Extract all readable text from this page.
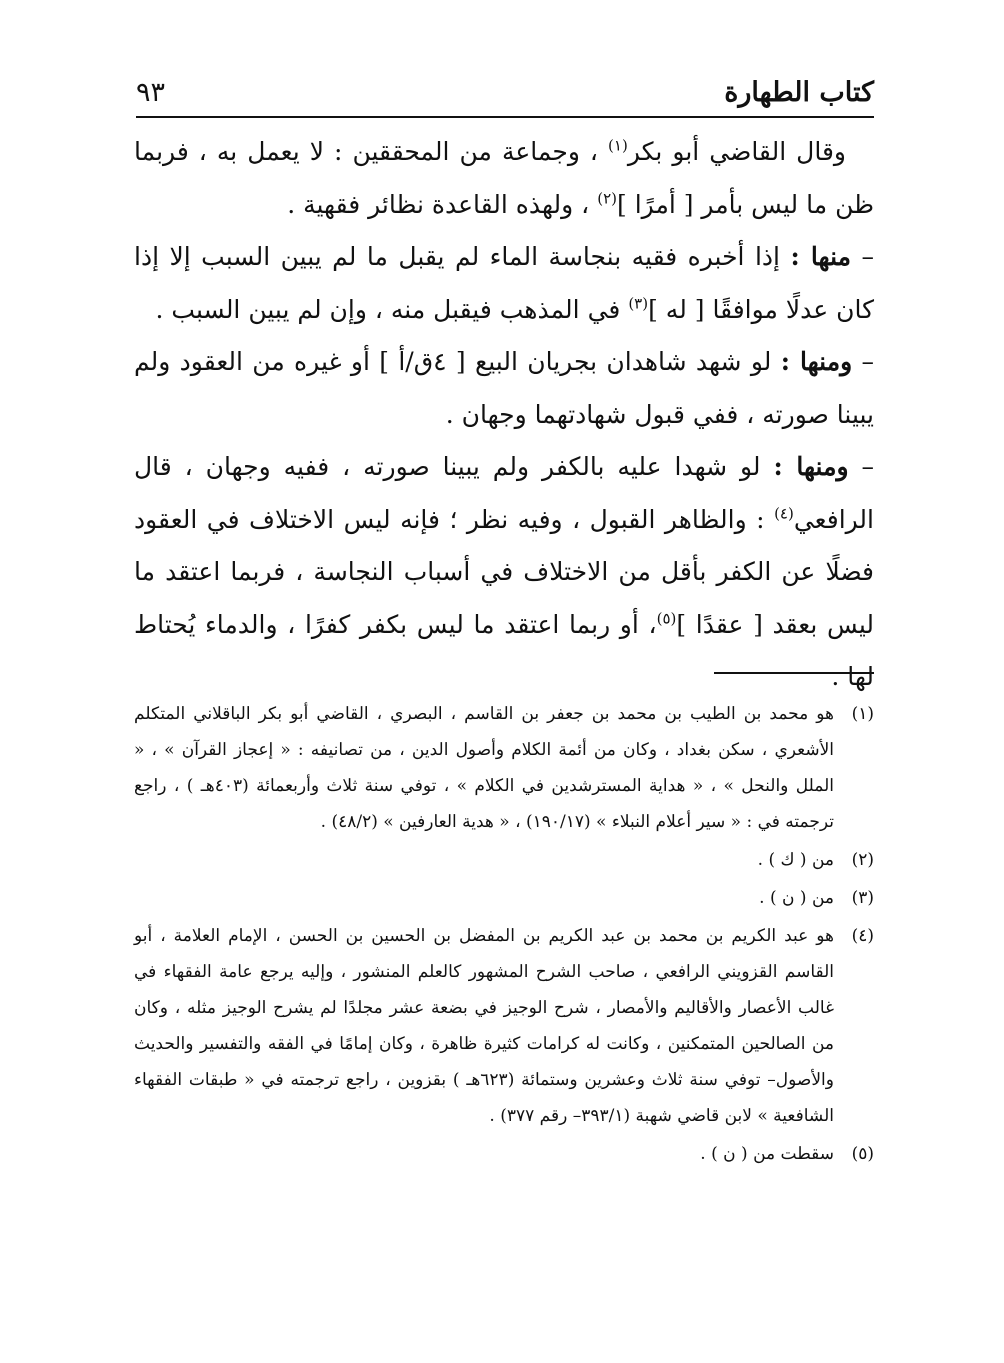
كتاب الطهارة
٩٣

وقال القاضي أبو بكر$^{(١)}$ ، وجماعة من المحققين : لا يعمل به ، فربما ظن ما ليس بأمر [ أمرًا ]$^{(٢)}$ ، ولهذه القاعدة نظائر فقهية .

– منها : إذا أخبره فقيه بنجاسة الماء لم يقبل ما لم يبين السبب إلا إذا كان عدلًا موافقًا [ له ]$^{(٣)}$ في المذهب فيقبل منه ، وإن لم يبين السبب .

– ومنها : لو شهد شاهدان بجريان البيع [ ٤ق/أ ] أو غيره من العقود ولم يبينا صورته ، ففي قبول شهادتهما وجهان .

– ومنها : لو شهدا عليه بالكفر ولم يبينا صورته ، ففيه وجهان ، قال الرافعي$^{(٤)}$ : والظاهر القبول ، وفيه نظر ؛ فإنه ليس الاختلاف في العقود فضلًا عن الكفر بأقل من الاختلاف في أسباب النجاسة ، فربما اعتقد ما ليس بعقد [ عقدًا ]$^{(٥)}$، أو ربما اعتقد ما ليس بكفر كفرًا ، والدماء يُحتاط لها .

(١)
هو محمد بن الطيب بن محمد بن جعفر بن القاسم ، البصري ، القاضي أبو بكر الباقلاني المتكلم الأشعري ، سكن بغداد ، وكان من أئمة الكلام وأصول الدين ، من تصانيفه : « إعجاز القرآن » ، « الملل والنحل » ، « هداية المسترشدين في الكلام » ، توفي سنة ثلاث وأربعمائة (٤٠٣هـ ) ، راجع ترجمته في : « سير أعلام النبلاء » (١٩٠/١٧) ، « هدية العارفين » (٤٨/٢) .
(٢)
من ( ك ) .
(٣)
من ( ن ) .
(٤)
هو عبد الكريم بن محمد بن عبد الكريم بن المفضل بن الحسين بن الحسن ، الإمام العلامة ، أبو القاسم القزويني الرافعي ، صاحب الشرح المشهور كالعلم المنشور ، وإليه يرجع عامة الفقهاء في غالب الأعصار والأقاليم والأمصار ، شرح الوجيز في بضعة عشر مجلدًا لم يشرح الوجيز مثله ، وكان من الصالحين المتمكنين ، وكانت له كرامات كثيرة ظاهرة ، وكان إمامًا في الفقه والتفسير والحديث والأصول– توفي سنة ثلاث وعشرين وستمائة (٦٢٣هـ ) بقزوين ، راجع ترجمته في « طبقات الفقهاء الشافعية » لابن قاضي شهبة (٣٩٣/١– رقم ٣٧٧) .
(٥)
سقطت من ( ن ) .
